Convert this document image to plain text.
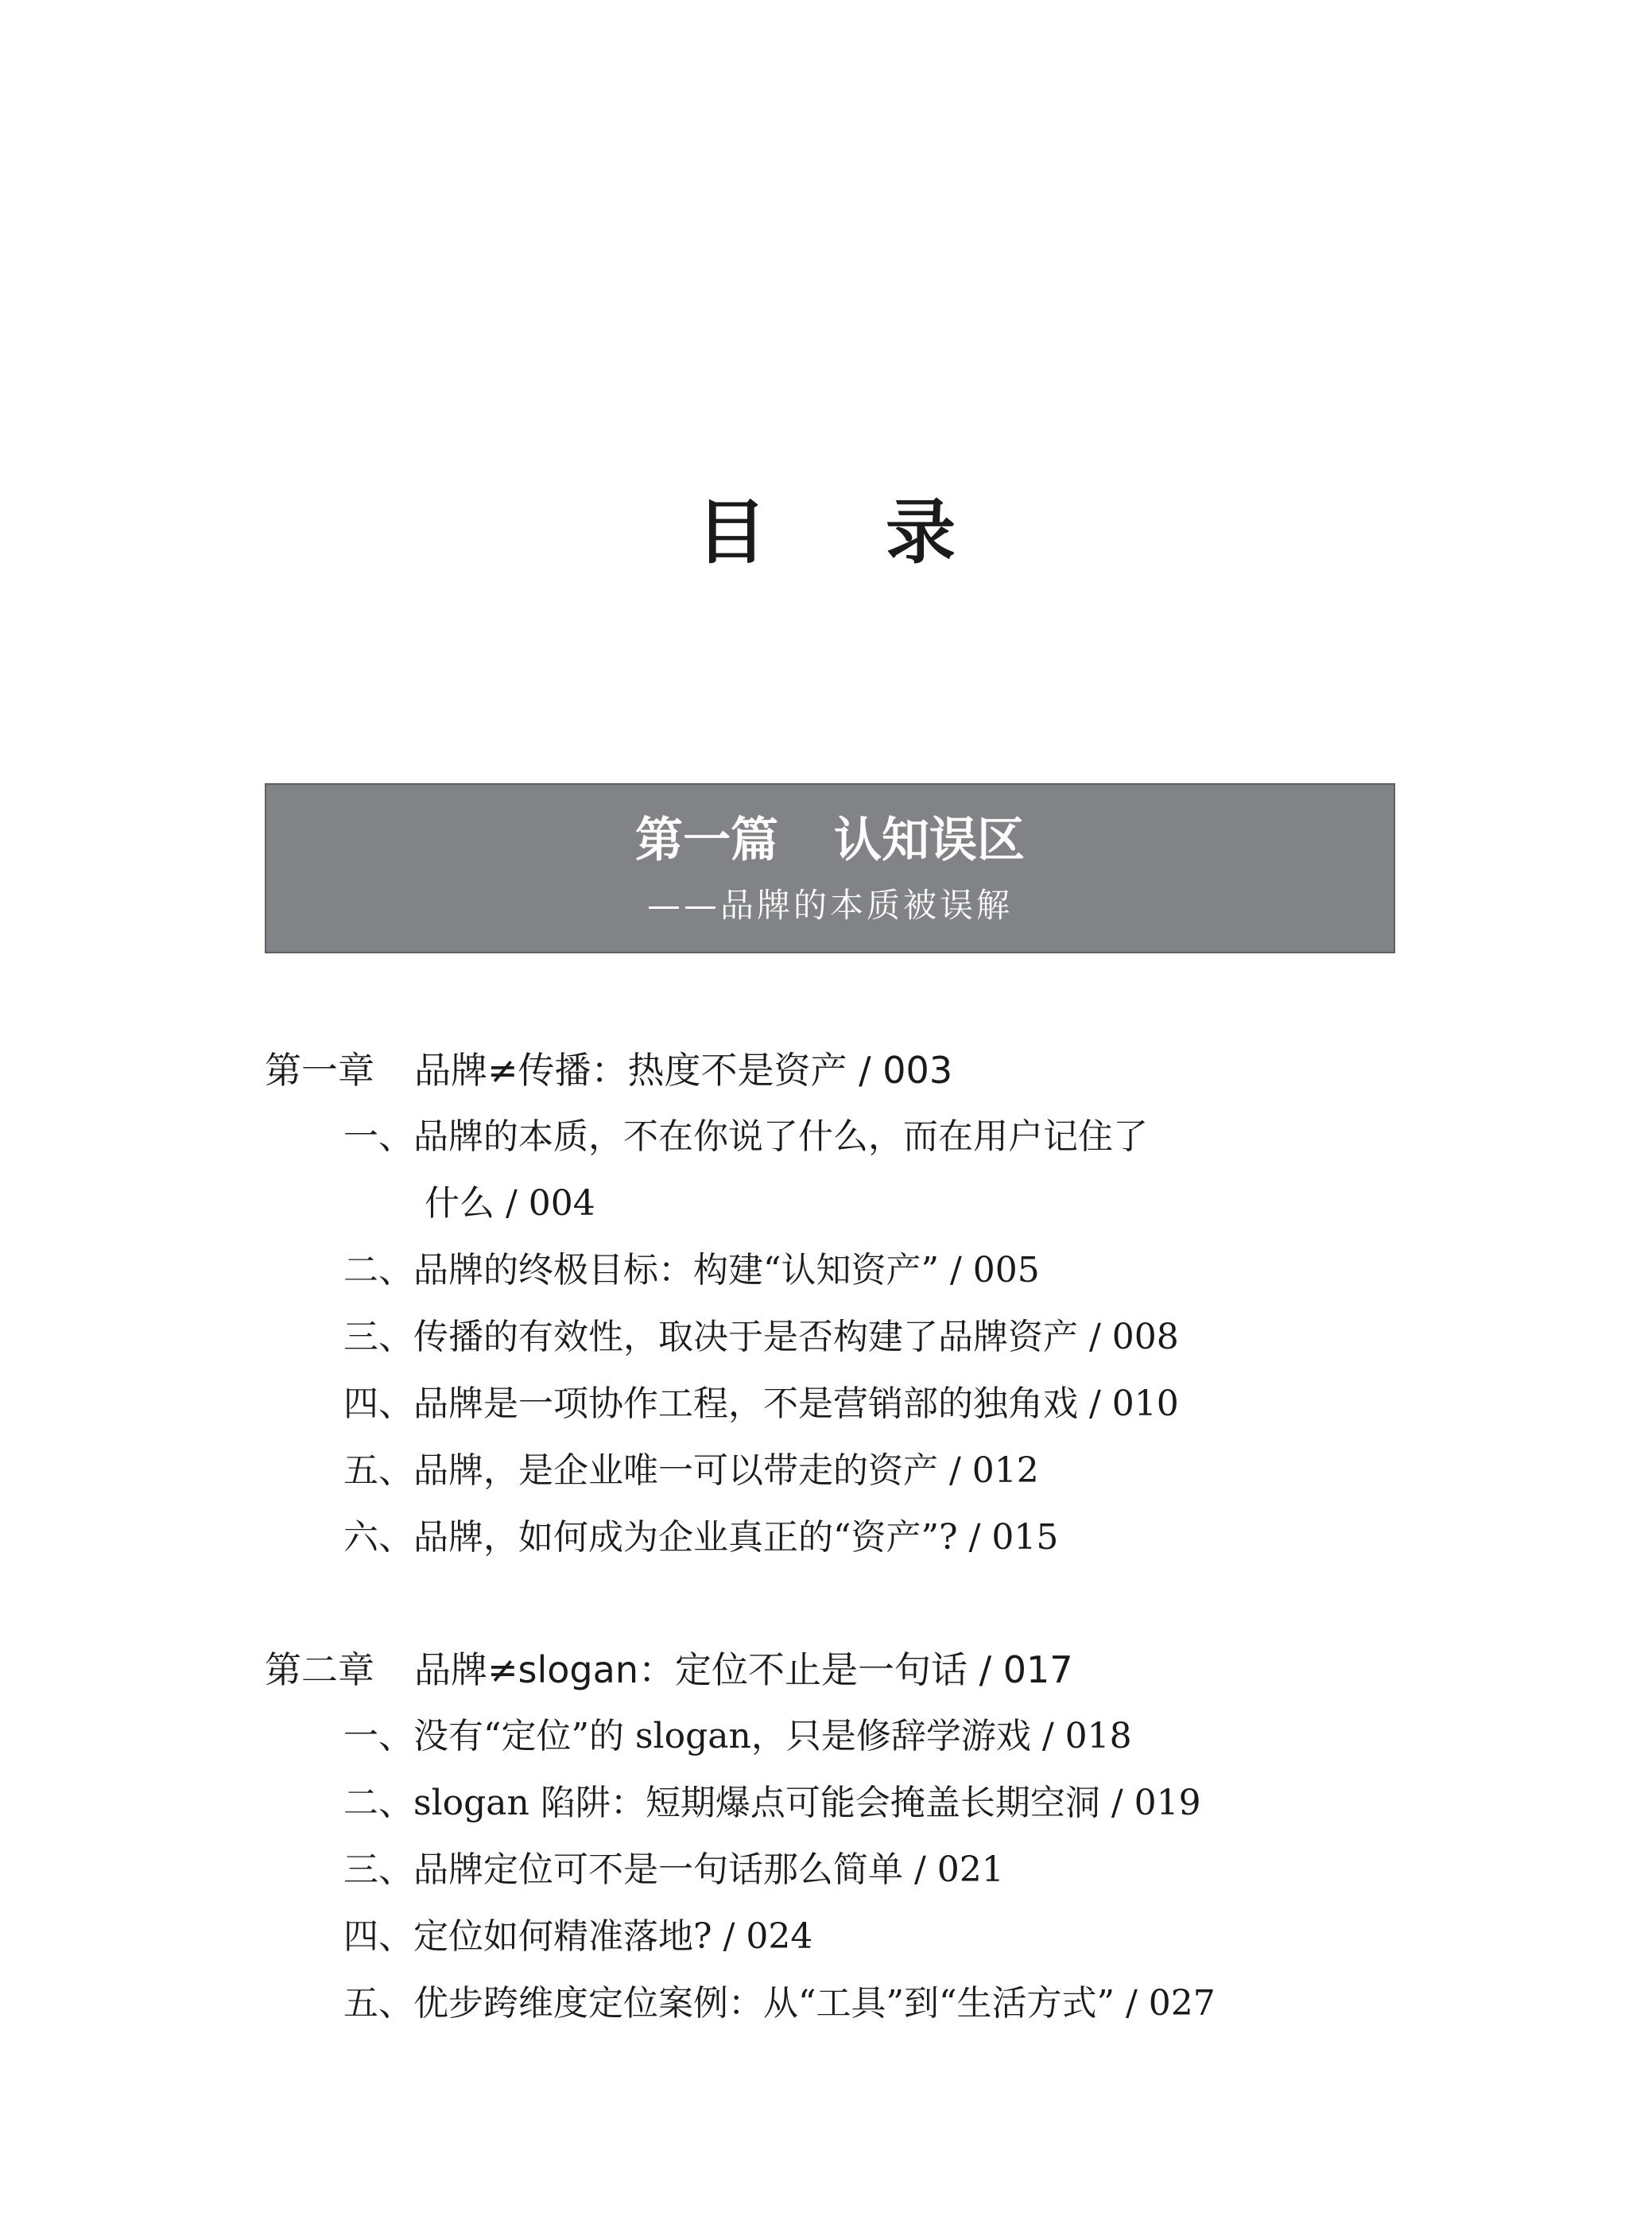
目 录
第一篇 认知误区
——品牌的本质被误解
第一章 品牌≠传播：热度不是资产 / 003
一、品牌的本质，不在你说了什么，而在用户记住了
什么 / 004
二、品牌的终极目标：构建“认知资产” / 005
三、传播的有效性，取决于是否构建了品牌资产 / 008
四、品牌是一项协作工程，不是营销部的独角戏 / 010
五、品牌，是企业唯一可以带走的资产 / 012
六、品牌，如何成为企业真正的“资产”? / 015
第二章 品牌≠slogan：定位不止是一句话 / 017
一、没有“定位”的 slogan，只是修辞学游戏 / 018
二、slogan 陷阱：短期爆点可能会掩盖长期空洞 / 019
三、品牌定位可不是一句话那么简单 / 021
四、定位如何精准落地? / 024
五、优步跨维度定位案例：从“工具”到“生活方式” / 027
